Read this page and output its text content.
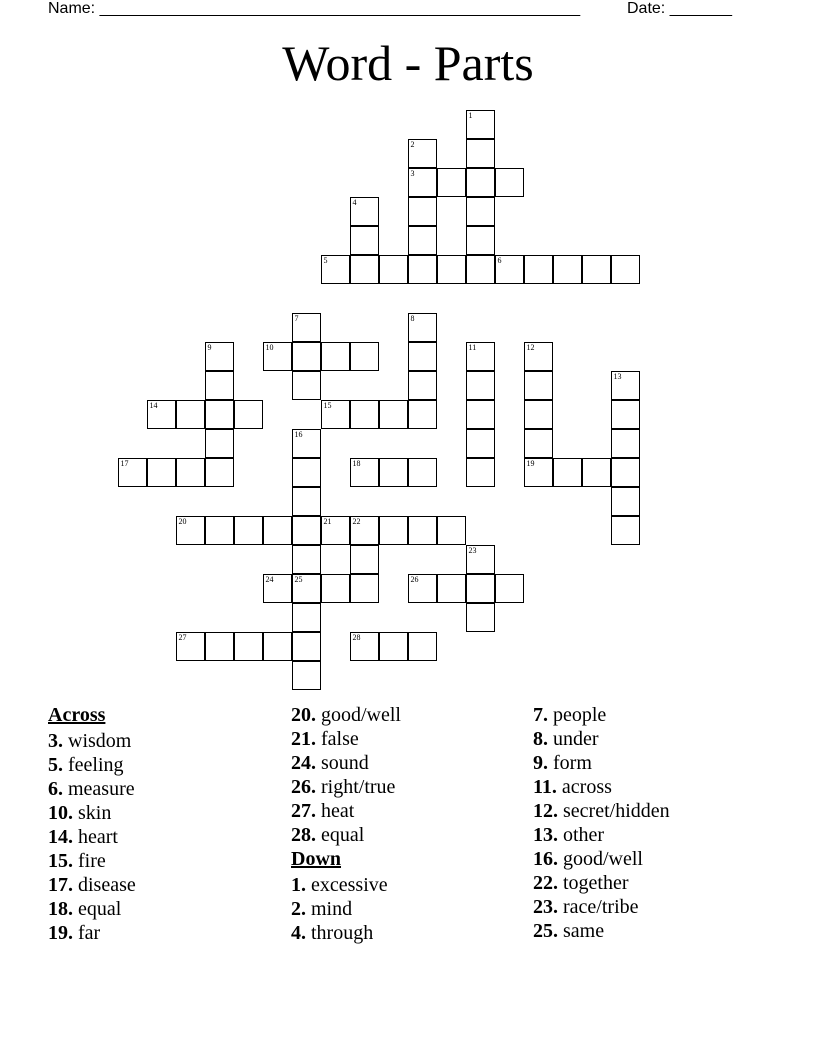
Name: ______________________________________________________	Date: _______
Word - Parts
1
2
3
4
5	6
7	8
9	10	11	12
19
13
14	15
16
17	18
20	21	22
23
24	25	26
27	28
Across
3. wisdom
5. feeling
6. measure
10. skin
14. heart
15. fire
17. disease
18. equal
19. far
20. good/well
21. false
24. sound
26. right/true
27. heat
28. equal
Down
1. excessive
2. mind
4. through
7. people
8. under
9. form
11. across
12. secret/hidden
13. other
16. good/well
22. together
23. race/tribe
25. same
